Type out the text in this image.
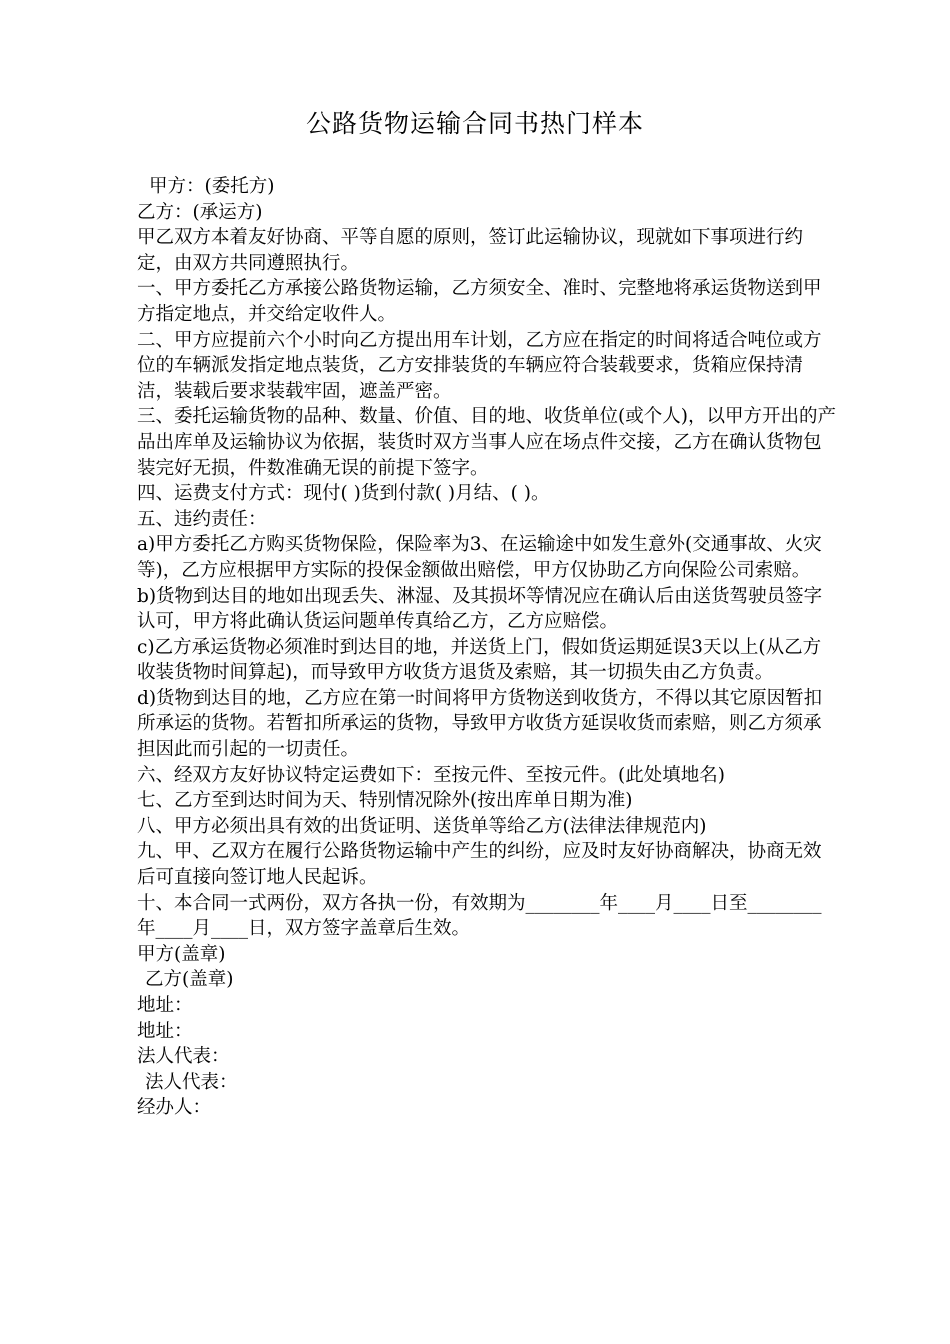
公路货物运输合同书热门样本

甲方：(委托方)

乙方：(承运方)

甲乙双方本着友好协商、平等自愿的原则，签订此运输协议，现就如下事项进行约定，由双方共同遵照执行。

一、甲方委托乙方承接公路货物运输，乙方须安全、准时、完整地将承运货物送到甲方指定地点，并交给定收件人。

二、甲方应提前六个小时向乙方提出用车计划，乙方应在指定的时间将适合吨位或方位的车辆派发指定地点装货，乙方安排装货的车辆应符合装载要求，货箱应保持清洁，装载后要求装载牢固，遮盖严密。

三、委托运输货物的品种、数量、价值、目的地、收货单位(或个人)，以甲方开出的产品出库单及运输协议为依据，装货时双方当事人应在场点件交接，乙方在确认货物包装完好无损，件数准确无误的前提下签字。

四、运费支付方式：现付( )货到付款( )月结、( )。

五、违约责任：

a)甲方委托乙方购买货物保险，保险率为3、在运输途中如发生意外(交通事故、火灾等)，乙方应根据甲方实际的投保金额做出赔偿，甲方仅协助乙方向保险公司索赔。

b)货物到达目的地如出现丢失、淋湿、及其损坏等情况应在确认后由送货驾驶员签字认可，甲方将此确认货运问题单传真给乙方，乙方应赔偿。

c)乙方承运货物必须准时到达目的地，并送货上门，假如货运期延误3天以上(从乙方收装货物时间算起)，而导致甲方收货方退货及索赔，其一切损失由乙方负责。

d)货物到达目的地，乙方应在第一时间将甲方货物送到收货方，不得以其它原因暂扣所承运的货物。若暂扣所承运的货物，导致甲方收货方延误收货而索赔，则乙方须承担因此而引起的一切责任。

六、经双方友好协议特定运费如下：至按元件、至按元件。(此处填地名)

七、乙方至到达时间为天、特别情况除外(按出库单日期为准)

八、甲方必须出具有效的出货证明、送货单等给乙方(法律法律规范内)

九、甲、乙双方在履行公路货物运输中产生的纠纷，应及时友好协商解决，协商无效后可直接向签订地人民起诉。

十、本合同一式两份，双方各执一份，有效期为________年____月____日至________年____月____日，双方签字盖章后生效。

甲方(盖章)

乙方(盖章)

地址：

地址：

法人代表：

法人代表：

经办人：
